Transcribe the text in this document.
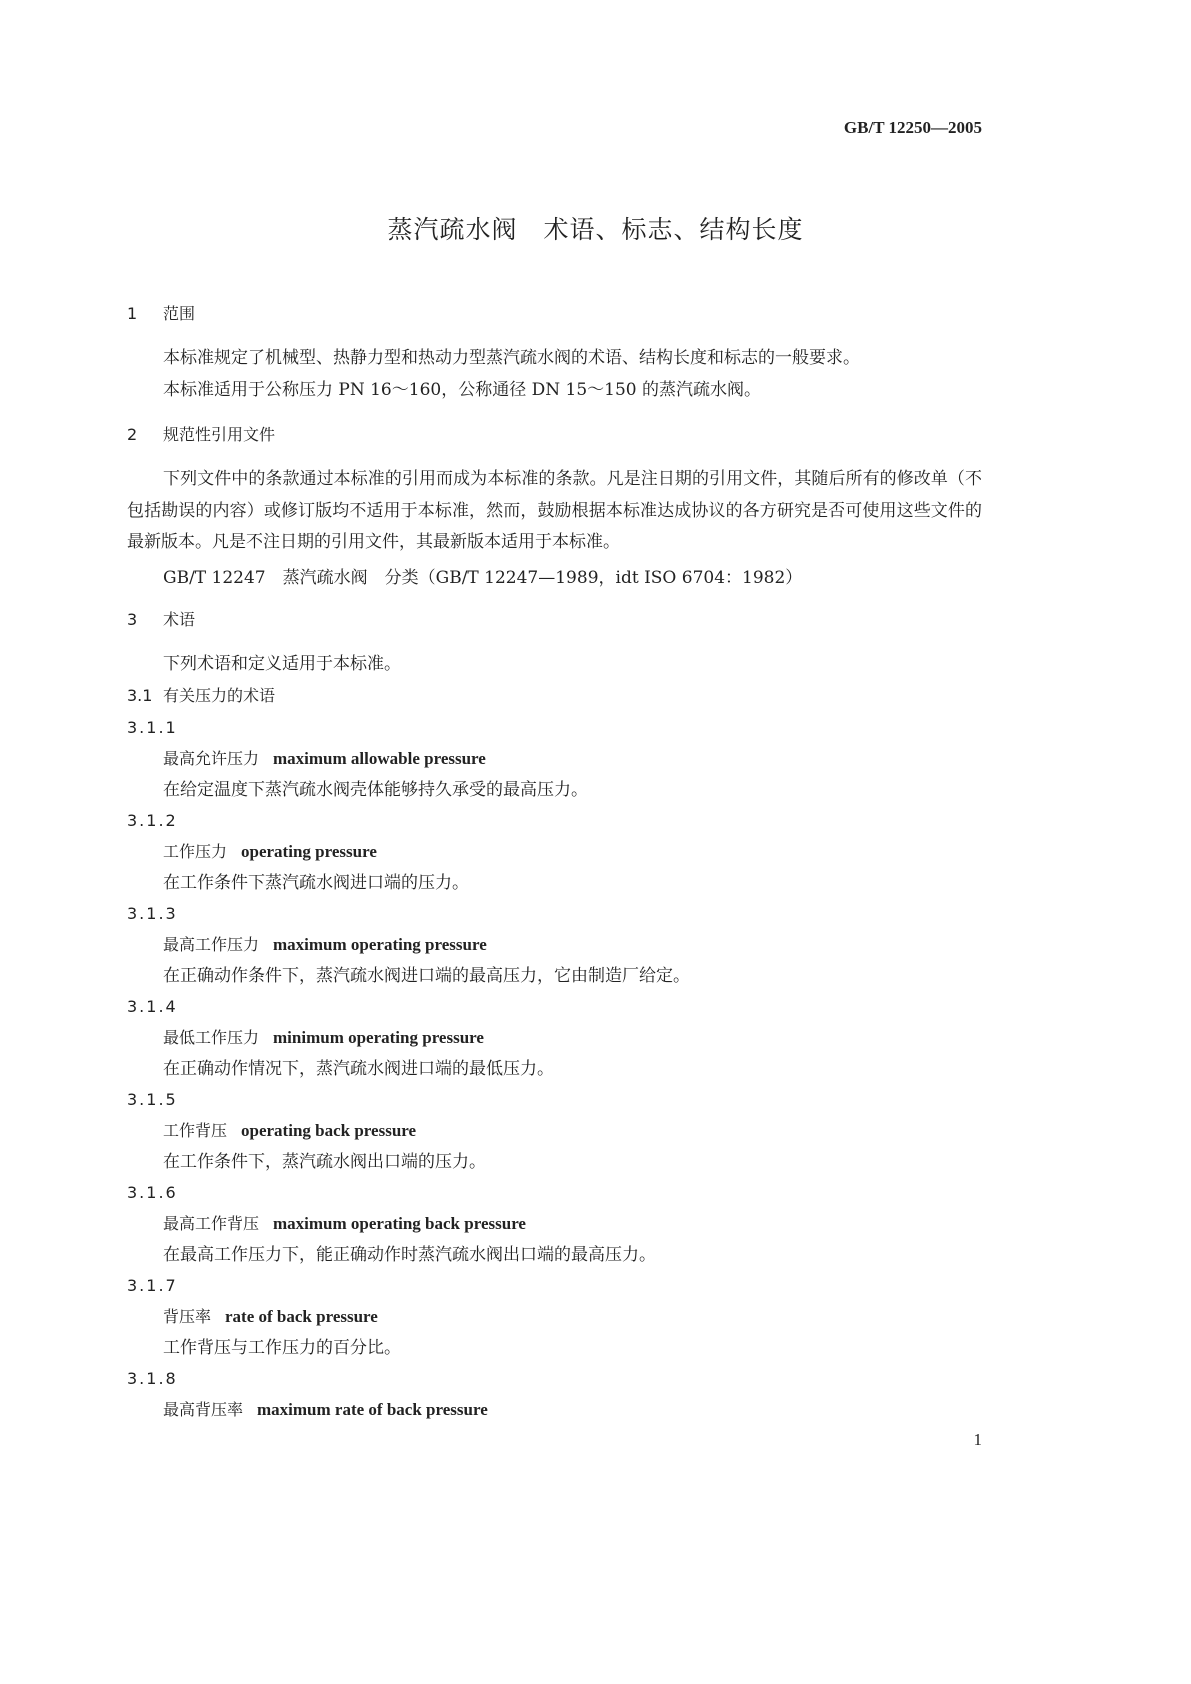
GB/T 12250—2005
蒸汽疏水阀　术语、标志、结构长度
1 范围
本标准规定了机械型、热静力型和热动力型蒸汽疏水阀的术语、结构长度和标志的一般要求。
本标准适用于公称压力 PN 16～160，公称通径 DN 15～150 的蒸汽疏水阀。
2 规范性引用文件
下列文件中的条款通过本标准的引用而成为本标准的条款。凡是注日期的引用文件，其随后所有的修改单（不包括勘误的内容）或修订版均不适用于本标准，然而，鼓励根据本标准达成协议的各方研究是否可使用这些文件的最新版本。凡是不注日期的引用文件，其最新版本适用于本标准。
GB/T 12247　蒸汽疏水阀　分类（GB/T 12247—1989，idt ISO 6704：1982）
3 术语
下列术语和定义适用于本标准。
3.1 有关压力的术语
3.1.1
最高允许压力 maximum allowable pressure
在给定温度下蒸汽疏水阀壳体能够持久承受的最高压力。
3.1.2
工作压力 operating pressure
在工作条件下蒸汽疏水阀进口端的压力。
3.1.3
最高工作压力 maximum operating pressure
在正确动作条件下，蒸汽疏水阀进口端的最高压力，它由制造厂给定。
3.1.4
最低工作压力 minimum operating pressure
在正确动作情况下，蒸汽疏水阀进口端的最低压力。
3.1.5
工作背压 operating back pressure
在工作条件下，蒸汽疏水阀出口端的压力。
3.1.6
最高工作背压 maximum operating back pressure
在最高工作压力下，能正确动作时蒸汽疏水阀出口端的最高压力。
3.1.7
背压率 rate of back pressure
工作背压与工作压力的百分比。
3.1.8
最高背压率 maximum rate of back pressure
1
